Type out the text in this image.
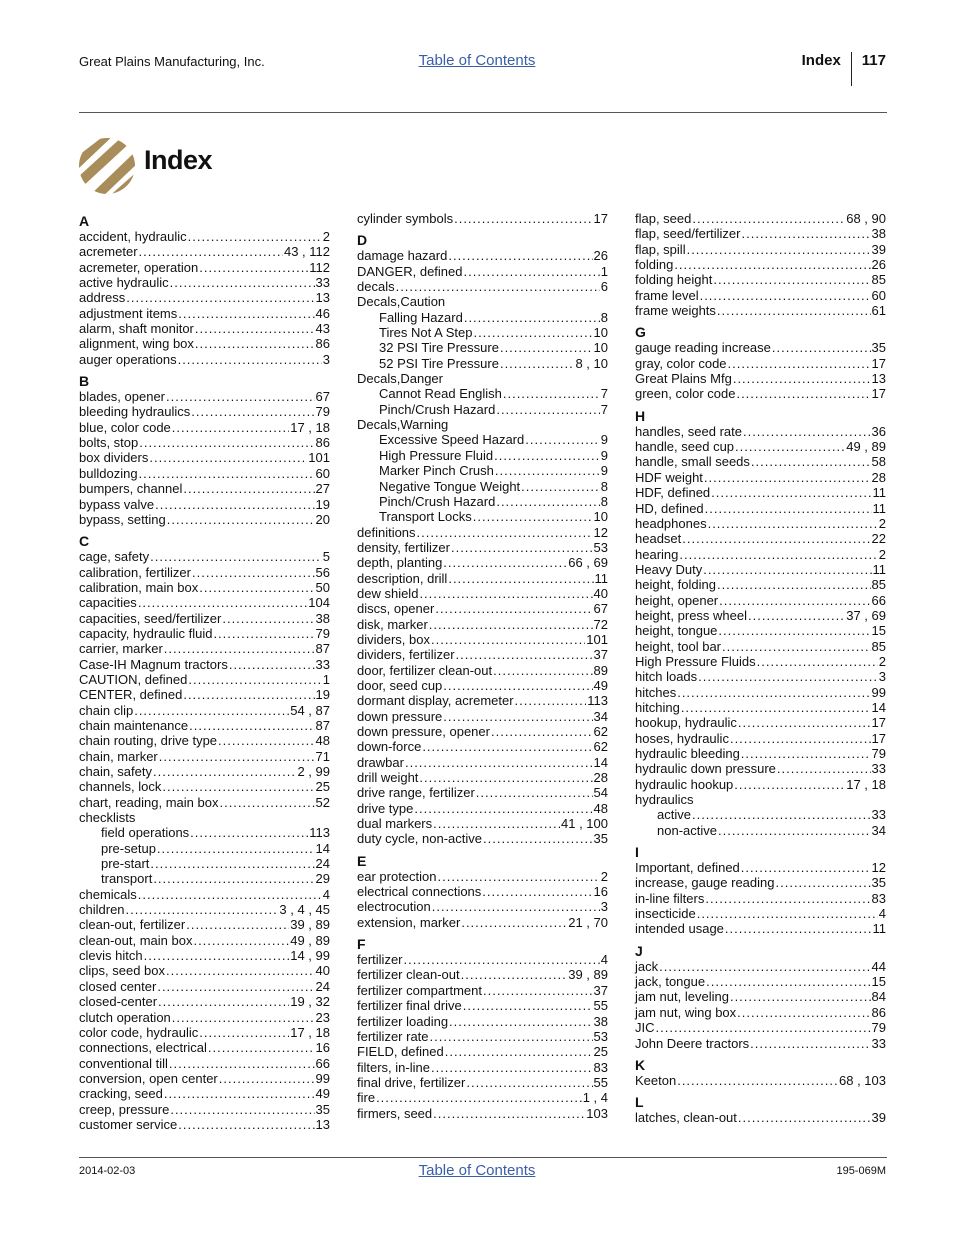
Great Plains Manufacturing, Inc.	Table of Contents	Index	117
Index
A
accident, hydraulic .....	2
acremeter .....	43 , 112
acremeter, operation .....	112
active hydraulic .....	33
address .....	13
adjustment items .....	46
alarm, shaft monitor .....	43
alignment, wing box .....	86
auger operations .....	3
B
blades, opener .....	67
bleeding hydraulics .....	79
blue, color code .....	17 , 18
bolts, stop .....	86
box dividers .....	101
bulldozing .....	60
bumpers, channel .....	27
bypass valve .....	19
bypass, setting .....	20
C
cage, safety .....	5
calibration, fertilizer .....	56
calibration, main box .....	50
capacities .....	104
capacities, seed/fertilizer .....	38
capacity, hydraulic fluid .....	79
carrier, marker .....	87
Case-IH Magnum tractors .....	33
CAUTION, defined .....	1
CENTER, defined .....	19
chain clip .....	54 , 87
chain maintenance .....	87
chain routing, drive type .....	48
chain, marker .....	71
chain, safety .....	2 , 99
channels, lock .....	25
chart, reading, main box .....	52
checklists
field operations .....	113
pre-setup .....	14
pre-start .....	24
transport .....	29
chemicals .....	4
children .....	3 , 4 , 45
clean-out, fertilizer .....	39 , 89
clean-out, main box .....	49 , 89
clevis hitch .....	14 , 99
clips, seed box .....	40
closed center .....	24
closed-center .....	19 , 32
clutch operation .....	23
color code, hydraulic .....	17 , 18
connections, electrical .....	16
conventional till .....	66
conversion, open center .....	99
cracking, seed .....	49
creep, pressure .....	35
customer service .....	13
cylinder symbols .....	17
D
damage hazard .....	26
DANGER, defined .....	1
decals .....	6
Decals,Caution
Falling Hazard .....	8
Tires Not A Step .....	10
32 PSI Tire Pressure .....	10
52 PSI Tire Pressure .....	8 , 10
Decals,Danger
Cannot Read English .....	7
Pinch/Crush Hazard .....	7
Decals,Warning
Excessive Speed Hazard .....	9
High Pressure Fluid .....	9
Marker Pinch Crush .....	9
Negative Tongue Weight .....	8
Pinch/Crush Hazard .....	8
Transport Locks .....	10
definitions .....	12
density, fertilizer .....	53
depth, planting .....	66 , 69
description, drill .....	11
dew shield .....	40
discs, opener .....	67
disk, marker .....	72
dividers, box .....	101
dividers, fertilizer .....	37
door, fertilizer clean-out .....	89
door, seed cup .....	49
dormant display, acremeter .....	113
down pressure .....	34
down pressure, opener .....	62
down-force .....	62
drawbar .....	14
drill weight .....	28
drive range, fertilizer .....	54
drive type .....	48
dual markers .....	41 , 100
duty cycle, non-active .....	35
E
ear protection .....	2
electrical connections .....	16
electrocution .....	3
extension, marker .....	21 , 70
F
fertilizer .....	4
fertilizer clean-out .....	39 , 89
fertilizer compartment .....	37
fertilizer final drive .....	55
fertilizer loading .....	38
fertilizer rate .....	53
FIELD, defined .....	25
filters, in-line .....	83
final drive, fertilizer .....	55
fire .....	1 , 4
firmers, seed .....	103
flap, seed .....	68 , 90
flap, seed/fertilizer .....	38
flap, spill .....	39
folding .....	26
folding height .....	85
frame level .....	60
frame weights .....	61
G
gauge reading increase .....	35
gray, color code .....	17
Great Plains Mfg .....	13
green, color code .....	17
H
handles, seed rate .....	36
handle, seed cup .....	49 , 89
handle, small seeds .....	58
HDF weight .....	28
HDF, defined .....	11
HD, defined .....	11
headphones .....	2
headset .....	22
hearing .....	2
Heavy Duty .....	11
height, folding .....	85
height, opener .....	66
height, press wheel .....	37 , 69
height, tongue .....	15
height, tool bar .....	85
High Pressure Fluids .....	2
hitch loads .....	3
hitches .....	99
hitching .....	14
hookup, hydraulic .....	17
hoses, hydraulic .....	17
hydraulic bleeding .....	79
hydraulic down pressure .....	33
hydraulic hookup .....	17 , 18
hydraulics
active .....	33
non-active .....	34
I
Important, defined .....	12
increase, gauge reading .....	35
in-line filters .....	83
insecticide .....	4
intended usage .....	11
J
jack .....	44
jack, tongue .....	15
jam nut, leveling .....	84
jam nut, wing box .....	86
JIC .....	79
John Deere tractors .....	33
K
Keeton .....	68 , 103
L
latches, clean-out .....	39
2014-02-03	Table of Contents	195-069M
